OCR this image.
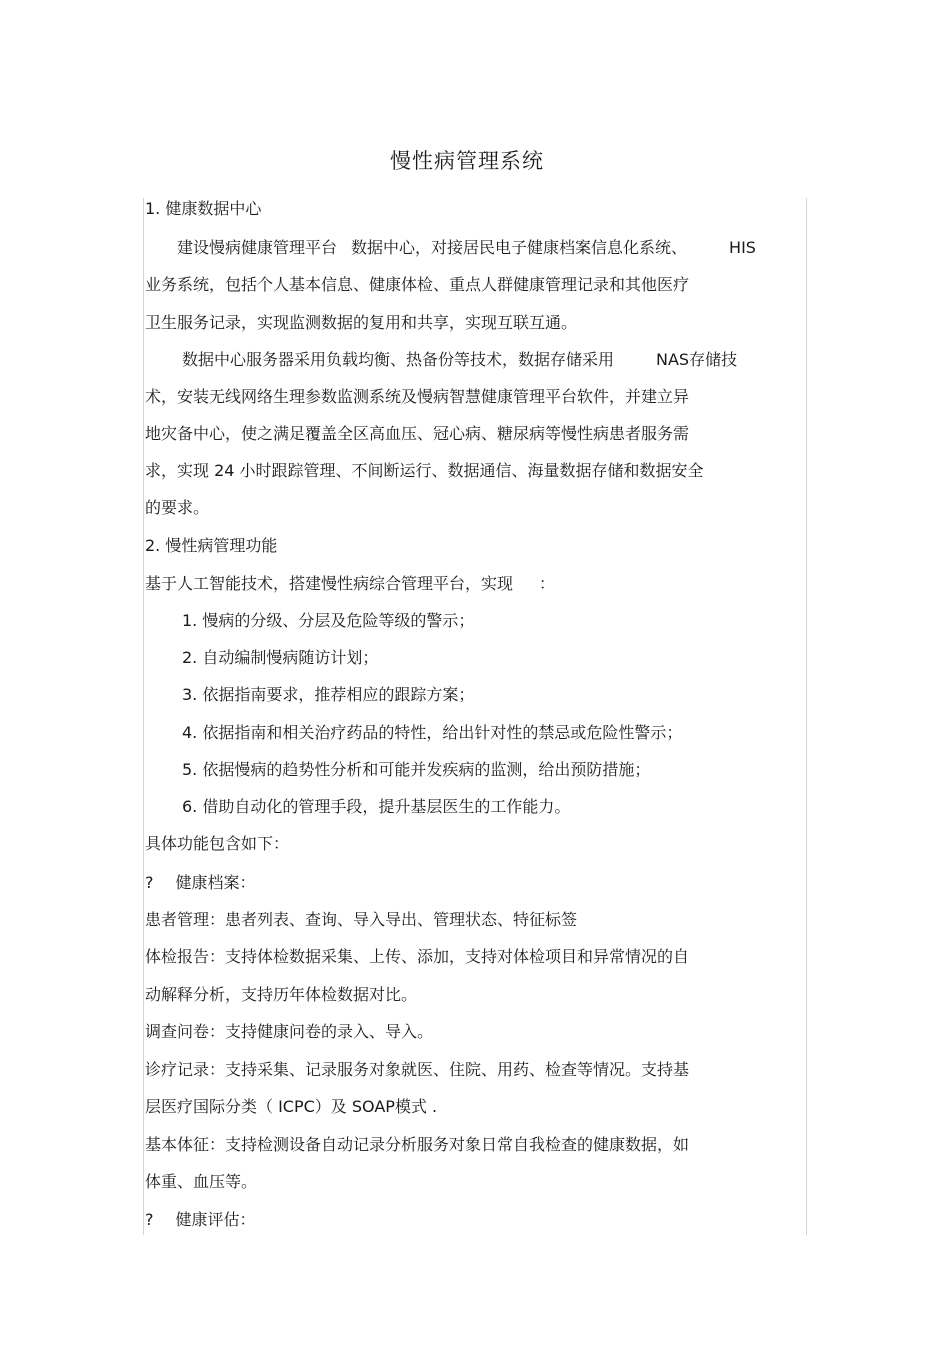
慢性病管理系统
1. 健康数据中心
建设慢病健康管理平台 数据中心，对接居民电子健康档案信息化系统、	HIS
业务系统，包括个人基本信息、健康体检、重点人群健康管理记录和其他医疗
卫生服务记录，实现监测数据的复用和共享，实现互联互通。
数据中心服务器采用负载均衡、热备份等技术，数据存储采用	NAS存储技
术，安装无线网络生理参数监测系统及慢病智慧健康管理平台软件，并建立异
地灾备中心，使之满足覆盖全区高血压、冠心病、糖尿病等慢性病患者服务需
求，实现 24 小时跟踪管理、不间断运行、数据通信、海量数据存储和数据安全
的要求。
2. 慢性病管理功能
基于人工智能技术，搭建慢性病综合管理平台，实现 ：
1. 慢病的分级、分层及危险等级的警示；
2. 自动编制慢病随访计划；
3. 依据指南要求，推荐相应的跟踪方案；
4. 依据指南和相关治疗药品的特性，给出针对性的禁忌或危险性警示；
5. 依据慢病的趋势性分析和可能并发疾病的监测，给出预防措施；
6. 借助自动化的管理手段，提升基层医生的工作能力。
具体功能包含如下：
? 健康档案：
患者管理：患者列表、查询、导入导出、管理状态、特征标签
体检报告：支持体检数据采集、上传、添加，支持对体检项目和异常情况的自
动解释分析，支持历年体检数据对比。
调查问卷：支持健康问卷的录入、导入。
诊疗记录：支持采集、记录服务对象就医、住院、用药、检查等情况。支持基
层医疗国际分类（ ICPC）及 SOAP模式 .
基本体征：支持检测设备自动记录分析服务对象日常自我检查的健康数据，如
体重、血压等。
? 健康评估：
